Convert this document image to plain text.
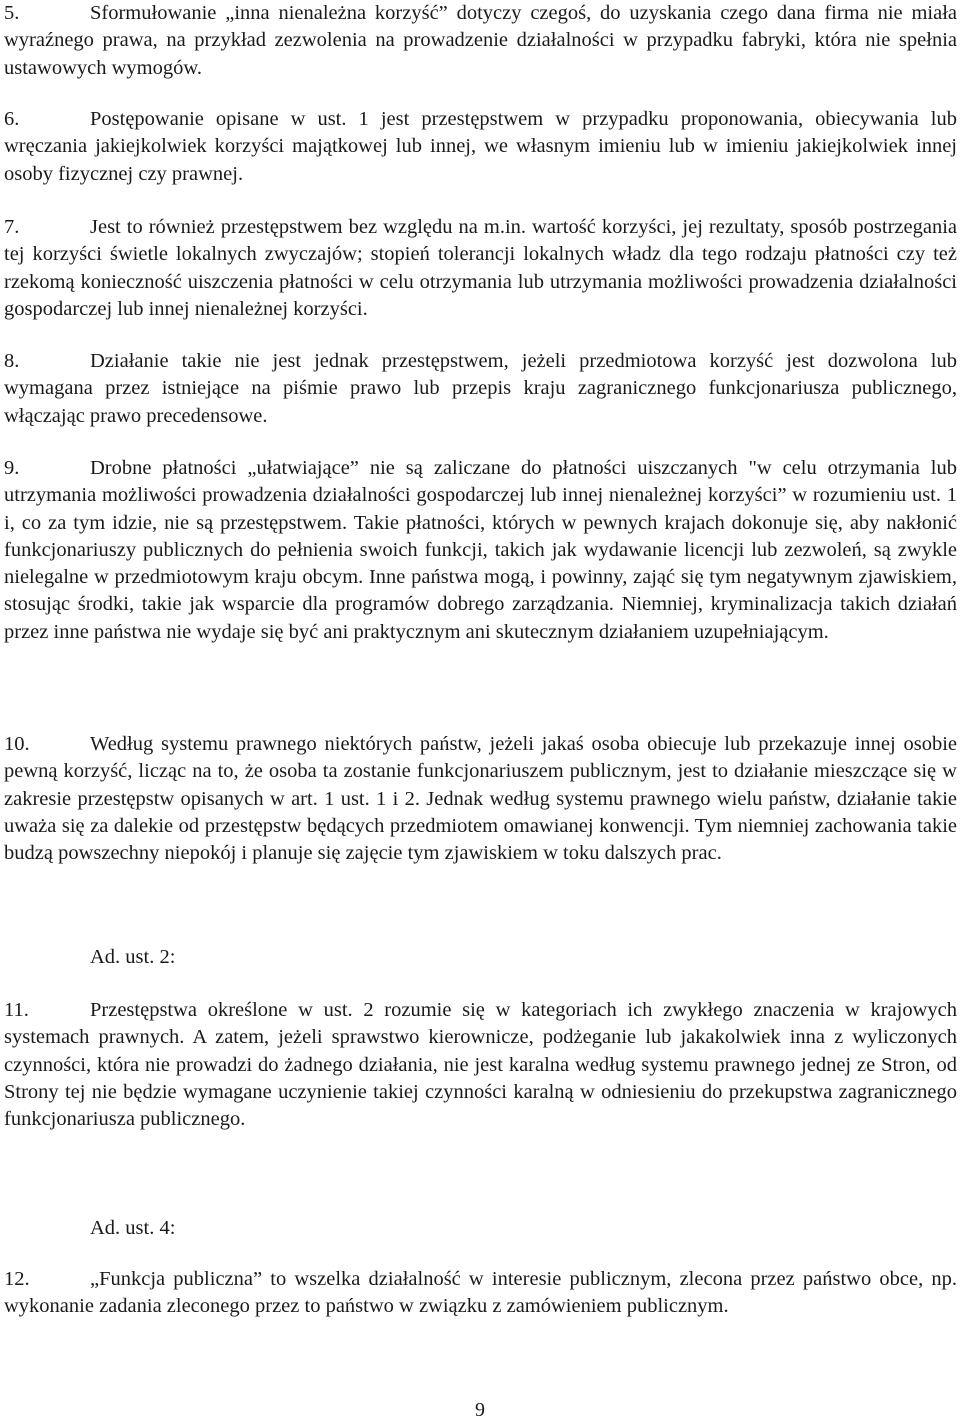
5.	Sformułowanie „inna nienależna korzyść” dotyczy czegoś, do uzyskania czego dana firma nie miała wyraźnego prawa, na przykład zezwolenia na prowadzenie działalności w przypadku fabryki, która nie spełnia ustawowych wymogów.

6.	Postępowanie opisane w ust. 1 jest przestępstwem w przypadku proponowania, obiecywania lub wręczania jakiejkolwiek korzyści majątkowej lub innej, we własnym imieniu lub w imieniu jakiejkolwiek innej osoby fizycznej czy prawnej.

7.	Jest to również przestępstwem bez względu na m.in. wartość korzyści, jej rezultaty, sposób postrzegania tej korzyści świetle lokalnych zwyczajów; stopień tolerancji lokalnych władz dla tego rodzaju płatności czy też rzekomą konieczność uiszczenia płatności w celu otrzymania lub utrzymania możliwości prowadzenia działalności gospodarczej lub innej nienależnej korzyści.

8.	Działanie takie nie jest jednak przestępstwem, jeżeli przedmiotowa korzyść jest dozwolona lub wymagana przez istniejące na piśmie prawo lub przepis kraju zagranicznego funkcjonariusza publicznego, włączając prawo precedensowe.

9.	Drobne płatności „ułatwiające” nie są zaliczane do płatności uiszczanych "w celu otrzymania lub utrzymania możliwości prowadzenia działalności gospodarczej lub innej nienależnej korzyści” w rozumieniu ust. 1 i, co za tym idzie, nie są przestępstwem. Takie płatności, których w pewnych krajach dokonuje się, aby nakłonić funkcjonariuszy publicznych do pełnienia swoich funkcji, takich jak wydawanie licencji lub zezwoleń, są zwykle nielegalne w przedmiotowym kraju obcym. Inne państwa mogą, i powinny, zająć się tym negatywnym zjawiskiem, stosując środki, takie jak wsparcie dla programów dobrego zarządzania. Niemniej, kryminalizacja takich działań przez inne państwa nie wydaje się być ani praktycznym ani skutecznym działaniem uzupełniającym.

10.	Według systemu prawnego niektórych państw, jeżeli jakaś osoba obiecuje lub przekazuje innej osobie pewną korzyść, licząc na to, że osoba ta zostanie funkcjonariuszem publicznym, jest to działanie mieszczące się w zakresie przestępstw opisanych w art. 1 ust. 1 i 2. Jednak według systemu prawnego wielu państw, działanie takie uważa się za dalekie od przestępstw będących przedmiotem omawianej konwencji. Tym niemniej zachowania takie budzą powszechny niepokój i planuje się zajęcie tym zjawiskiem w toku dalszych prac.

Ad. ust. 2:

11.	Przestępstwa określone w ust. 2 rozumie się w kategoriach ich zwykłego znaczenia w krajowych systemach prawnych. A zatem, jeżeli sprawstwo kierownicze, podżeganie lub jakakolwiek inna z wyliczonych czynności, która nie prowadzi do żadnego działania, nie jest karalna według systemu prawnego jednej ze Stron, od Strony tej nie będzie wymagane uczynienie takiej czynności karalną w odniesieniu do przekupstwa zagranicznego funkcjonariusza publicznego.

Ad. ust. 4:

12.	„Funkcja publiczna” to wszelka działalność w interesie publicznym, zlecona przez państwo obce, np. wykonanie zadania zleconego przez to państwo w związku z zamówieniem publicznym.

9
